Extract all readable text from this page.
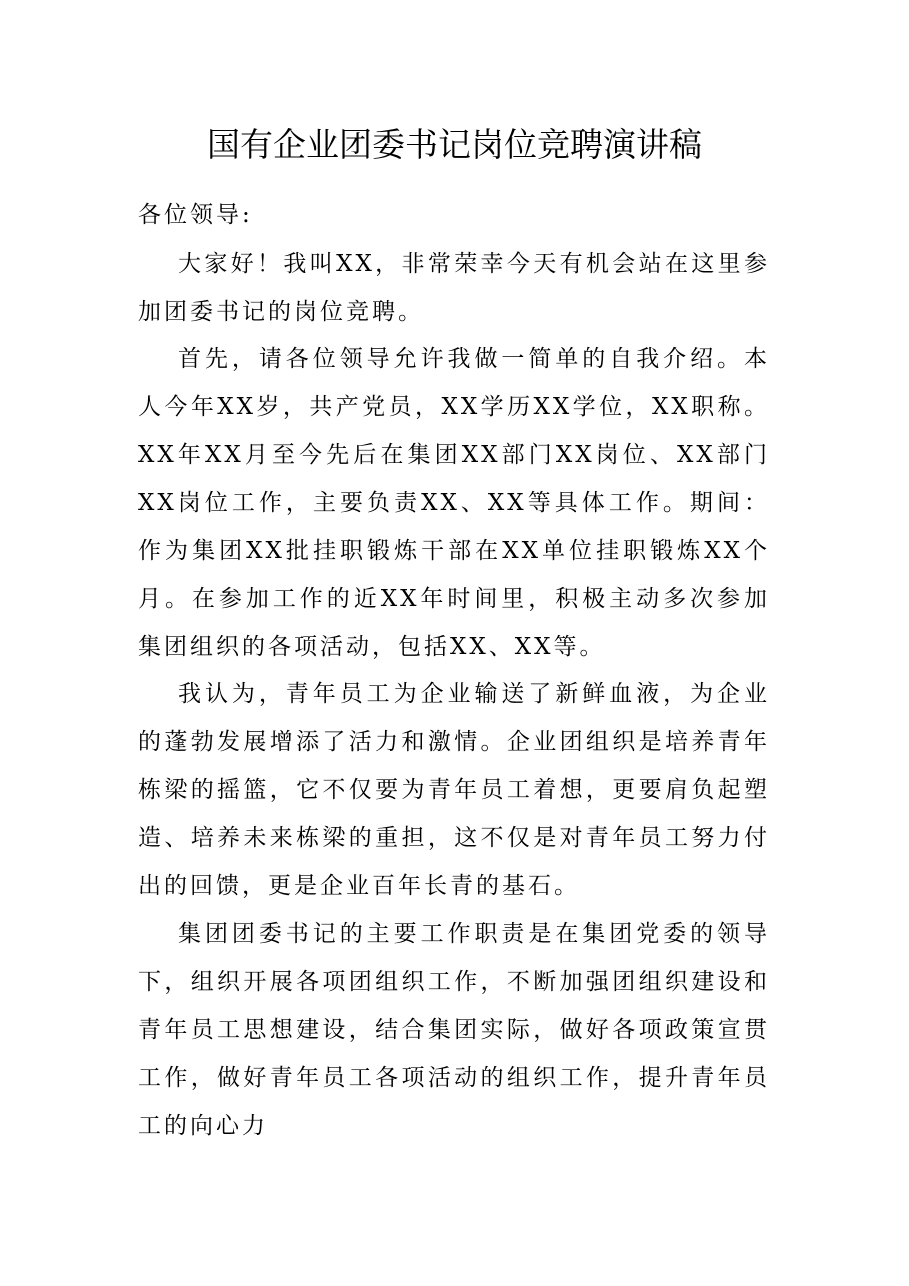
国有企业团委书记岗位竞聘演讲稿
各位领导:

大家好！我叫XX，非常荣幸今天有机会站在这里参加团委书记的岗位竞聘。

首先，请各位领导允许我做一简单的自我介绍。本人今年XX岁，共产党员，XX学历XX学位，XX职称。XX年XX月至今先后在集团XX部门XX岗位、XX部门XX岗位工作，主要负责XX、XX等具体工作。期间：作为集团XX批挂职锻炼干部在XX单位挂职锻炼XX个月。在参加工作的近XX年时间里，积极主动多次参加集团组织的各项活动，包括XX、XX等。

我认为，青年员工为企业输送了新鲜血液，为企业的蓬勃发展增添了活力和激情。企业团组织是培养青年栋梁的摇篮，它不仅要为青年员工着想，更要肩负起塑造、培养未来栋梁的重担，这不仅是对青年员工努力付出的回馈，更是企业百年长青的基石。

集团团委书记的主要工作职责是在集团党委的领导下，组织开展各项团组织工作，不断加强团组织建设和青年员工思想建设，结合集团实际，做好各项政策宣贯工作，做好青年员工各项活动的组织工作，提升青年员工的向心力
